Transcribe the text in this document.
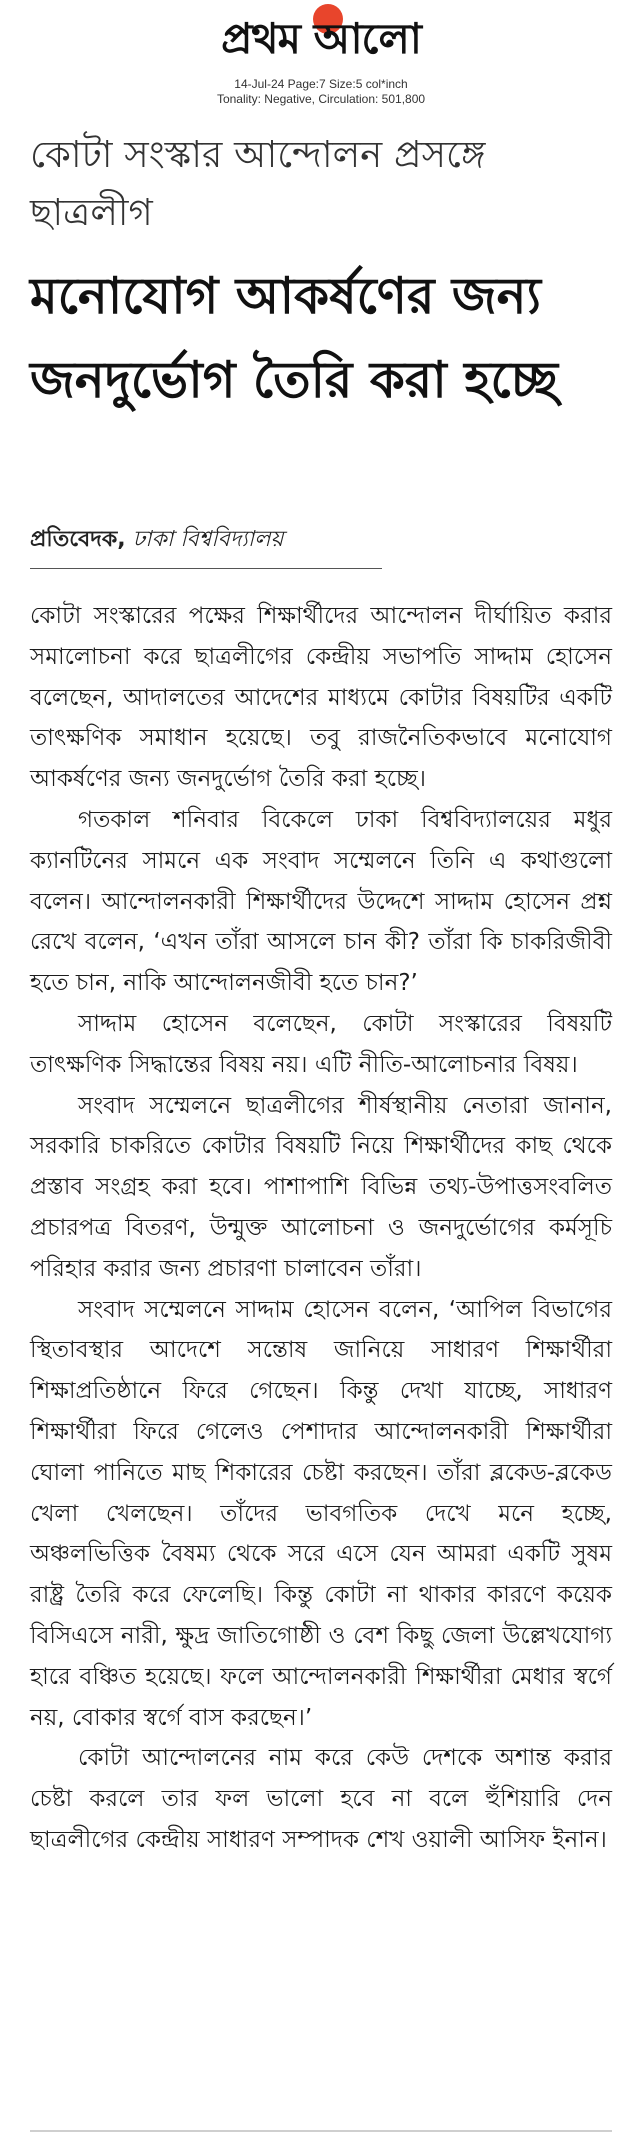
প্রথম আলো
14-Jul-24 Page:7 Size:5 col*inch
Tonality: Negative, Circulation: 501,800
কোটা সংস্কার আন্দোলন প্রসঙ্গে ছাত্রলীগ
মনোযোগ আকর্ষণের জন্য জনদুর্ভোগ তৈরি করা হচ্ছে
প্রতিবেদক, ঢাকা বিশ্ববিদ্যালয়

কোটা সংস্কারের পক্ষের শিক্ষার্থীদের আন্দোলন দীর্ঘায়িত করার সমালোচনা করে ছাত্রলীগের কেন্দ্রীয় সভাপতি সাদ্দাম হোসেন বলেছেন, আদালতের আদেশের মাধ্যমে কোটার বিষয়টির একটি তাৎক্ষণিক সমাধান হয়েছে। তবু রাজনৈতিকভাবে মনোযোগ আকর্ষণের জন্য জনদুর্ভোগ তৈরি করা হচ্ছে।

গতকাল শনিবার বিকেলে ঢাকা বিশ্ববিদ্যালয়ের মধুর ক্যানটিনের সামনে এক সংবাদ সম্মেলনে তিনি এ কথাগুলো বলেন। আন্দোলনকারী শিক্ষার্থীদের উদ্দেশে সাদ্দাম হোসেন প্রশ্ন রেখে বলেন, ‘এখন তাঁরা আসলে চান কী? তাঁরা কি চাকরিজীবী হতে চান, নাকি আন্দোলনজীবী হতে চান?’

সাদ্দাম হোসেন বলেছেন, কোটা সংস্কারের বিষয়টি তাৎক্ষণিক সিদ্ধান্তের বিষয় নয়। এটি নীতি-আলোচনার বিষয়।

সংবাদ সম্মেলনে ছাত্রলীগের শীর্ষস্থানীয় নেতারা জানান, সরকারি চাকরিতে কোটার বিষয়টি নিয়ে শিক্ষার্থীদের কাছ থেকে প্রস্তাব সংগ্রহ করা হবে। পাশাপাশি বিভিন্ন তথ্য-উপাত্তসংবলিত প্রচারপত্র বিতরণ, উন্মুক্ত আলোচনা ও জনদুর্ভোগের কর্মসূচি পরিহার করার জন্য প্রচারণা চালাবেন তাঁরা।

সংবাদ সম্মেলনে সাদ্দাম হোসেন বলেন, ‘আপিল বিভাগের স্থিতাবস্থার আদেশে সন্তোষ জানিয়ে সাধারণ শিক্ষার্থীরা শিক্ষাপ্রতিষ্ঠানে ফিরে গেছেন। কিন্তু দেখা যাচ্ছে, সাধারণ শিক্ষার্থীরা ফিরে গেলেও পেশাদার আন্দোলনকারী শিক্ষার্থীরা ঘোলা পানিতে মাছ শিকারের চেষ্টা করছেন। তাঁরা ব্লকেড-ব্লকেড খেলা খেলছেন। তাঁদের ভাবগতিক দেখে মনে হচ্ছে, অঞ্চলভিত্তিক বৈষম্য থেকে সরে এসে যেন আমরা একটি সুষম রাষ্ট্র তৈরি করে ফেলেছি। কিন্তু কোটা না থাকার কারণে কয়েক বিসিএসে নারী, ক্ষুদ্র জাতিগোষ্ঠী ও বেশ কিছু জেলা উল্লেখযোগ্য হারে বঞ্চিত হয়েছে। ফলে আন্দোলনকারী শিক্ষার্থীরা মেধার স্বর্গে নয়, বোকার স্বর্গে বাস করছেন।’

কোটা আন্দোলনের নাম করে কেউ দেশকে অশান্ত করার চেষ্টা করলে তার ফল ভালো হবে না বলে হুঁশিয়ারি দেন ছাত্রলীগের কেন্দ্রীয় সাধারণ সম্পাদক শেখ ওয়ালী আসিফ ইনান।
